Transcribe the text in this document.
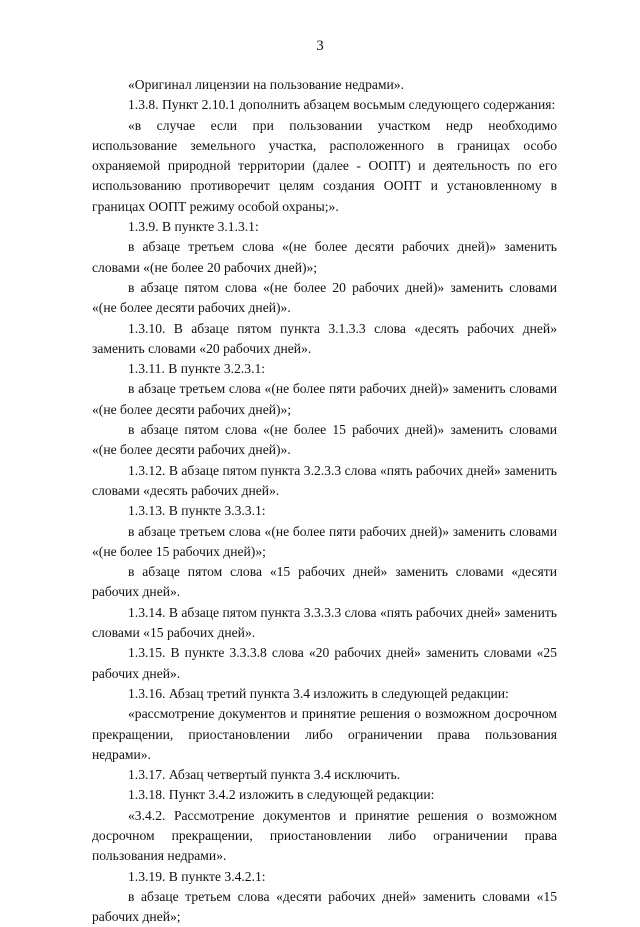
3

«Оригинал лицензии на пользование недрами».

1.3.8. Пункт 2.10.1 дополнить абзацем восьмым следующего содержания:

«в случае если при пользовании участком недр необходимо использование земельного участка, расположенного в границах особо охраняемой природной территории (далее - ООПТ) и деятельность по его использованию противоречит целям создания ООПТ и установленному в границах ООПТ режиму особой охраны;».

1.3.9. В пункте 3.1.3.1:

в абзаце третьем слова «(не более десяти рабочих дней)» заменить словами «(не более 20 рабочих дней)»;

в абзаце пятом слова «(не более 20 рабочих дней)» заменить словами «(не более десяти рабочих дней)».

1.3.10. В абзаце пятом пункта 3.1.3.3 слова «десять рабочих дней» заменить словами «20 рабочих дней».

1.3.11. В пункте 3.2.3.1:

в абзаце третьем слова «(не более пяти рабочих дней)» заменить словами «(не более десяти рабочих дней)»;

в абзаце пятом слова «(не более 15 рабочих дней)» заменить словами «(не более десяти рабочих дней)».

1.3.12. В абзаце пятом пункта 3.2.3.3 слова «пять рабочих дней» заменить словами «десять рабочих дней».

1.3.13. В пункте 3.3.3.1:

в абзаце третьем слова «(не более пяти рабочих дней)» заменить словами «(не более 15 рабочих дней)»;

в абзаце пятом слова «15 рабочих дней» заменить словами «десяти рабочих дней».

1.3.14. В абзаце пятом пункта 3.3.3.3 слова «пять рабочих дней» заменить словами «15 рабочих дней».

1.3.15. В пункте 3.3.3.8 слова «20 рабочих дней» заменить словами «25 рабочих дней».

1.3.16. Абзац третий пункта 3.4 изложить в следующей редакции:

«рассмотрение документов и принятие решения о возможном досрочном прекращении, приостановлении либо ограничении права пользования недрами».

1.3.17. Абзац четвертый пункта 3.4 исключить.

1.3.18. Пункт 3.4.2 изложить в следующей редакции:

«3.4.2. Рассмотрение документов и принятие решения о возможном досрочном прекращении, приостановлении либо ограничении права пользования недрами».

1.3.19. В пункте 3.4.2.1:

в абзаце третьем слова «десяти рабочих дней» заменить словами «15 рабочих дней»;
